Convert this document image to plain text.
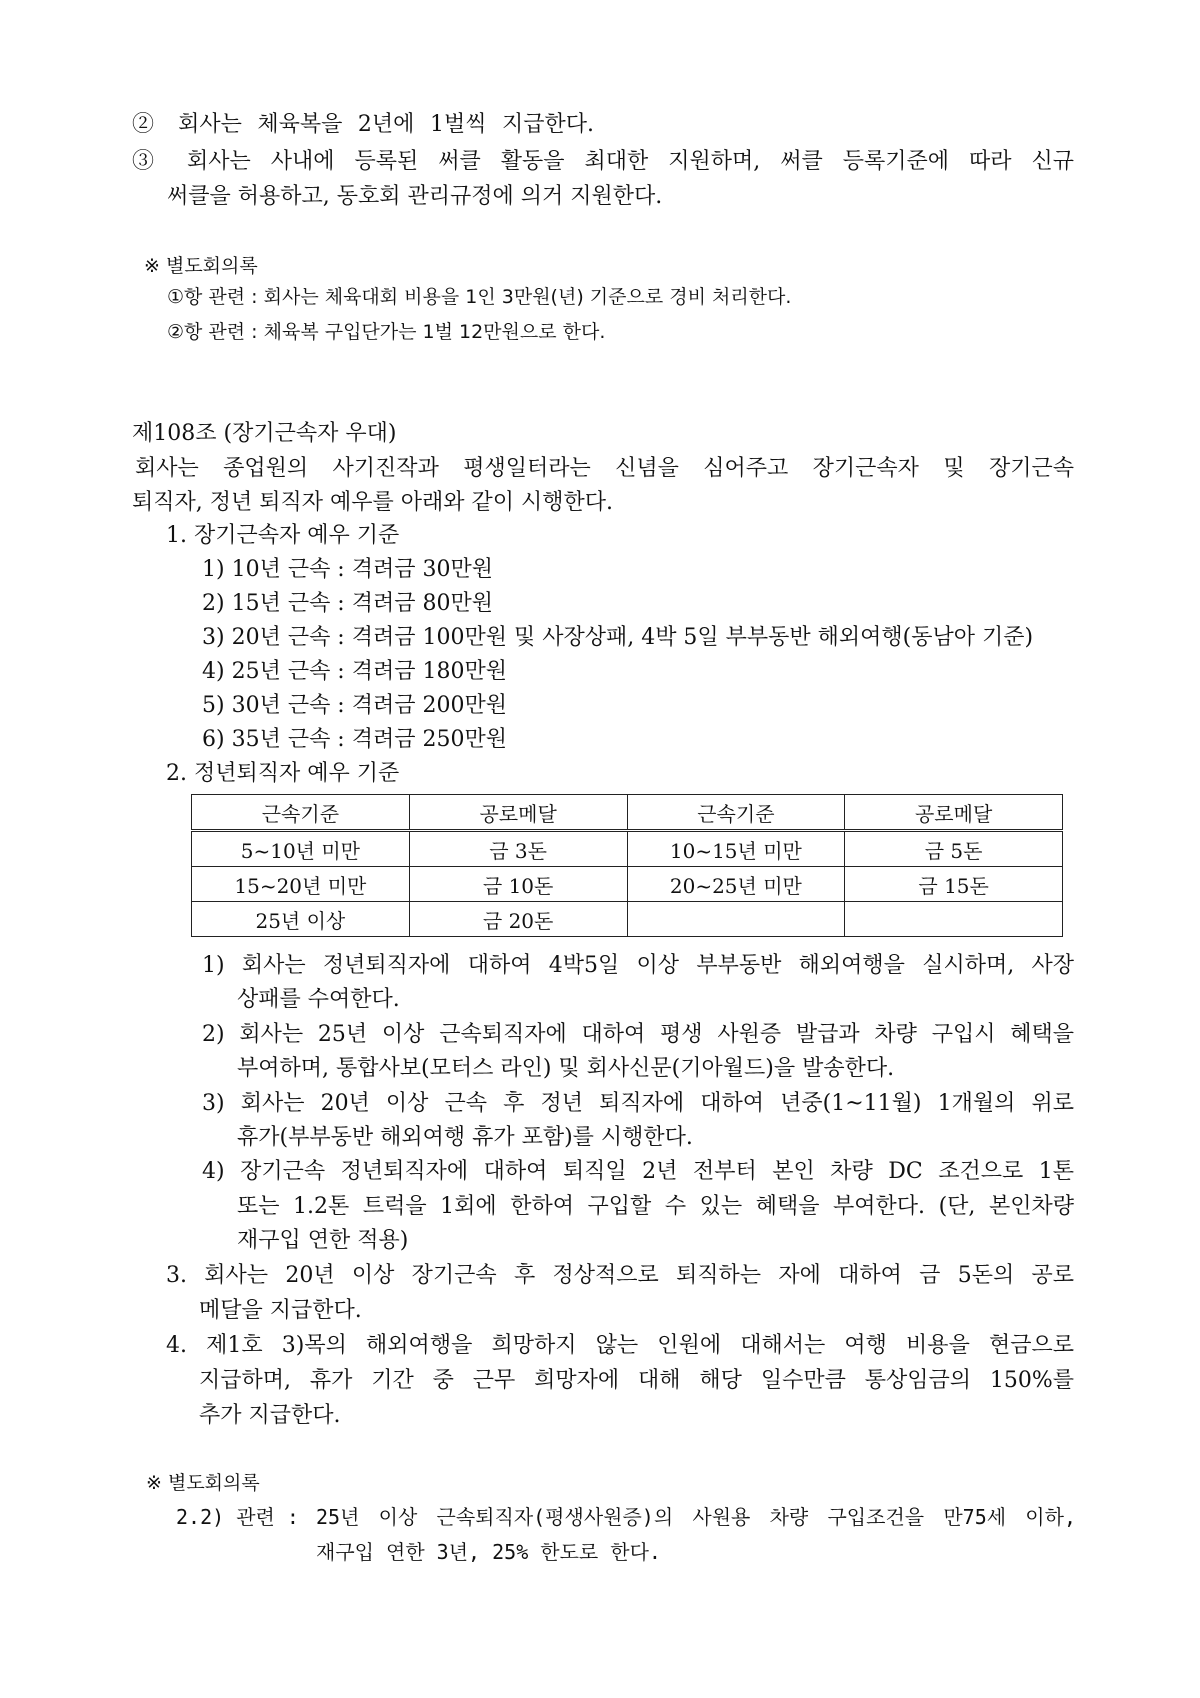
② 회사는 체육복을 2년에 1벌씩 지급한다.
③ 회사는 사내에 등록된 써클 활동을 최대한 지원하며, 써클 등록기준에 따라 신규
써클을 허용하고, 동호회 관리규정에 의거 지원한다.
※ 별도회의록
①항 관련 : 회사는 체육대회 비용을 1인 3만원(년) 기준으로 경비 처리한다.
②항 관련 : 체육복 구입단가는 1벌 12만원으로 한다.
제108조 (장기근속자 우대)
회사는 종업원의 사기진작과 평생일터라는 신념을 심어주고 장기근속자 및 장기근속
퇴직자, 정년 퇴직자 예우를 아래와 같이 시행한다.
1. 장기근속자 예우 기준
1) 10년 근속 : 격려금 30만원
2) 15년 근속 : 격려금 80만원
3) 20년 근속 : 격려금 100만원 및 사장상패, 4박 5일 부부동반 해외여행(동남아 기준)
4) 25년 근속 : 격려금 180만원
5) 30년 근속 : 격려금 200만원
6) 35년 근속 : 격려금 250만원
2. 정년퇴직자 예우 기준
근속기준	공로메달	근속기준	공로메달
5~10년 미만	금 3돈	10~15년 미만	금 5돈
15~20년 미만	금 10돈	20~25년 미만	금 15돈
25년 이상	금 20돈		
1) 회사는 정년퇴직자에 대하여 4박5일 이상 부부동반 해외여행을 실시하며, 사장
상패를 수여한다.
2) 회사는 25년 이상 근속퇴직자에 대하여 평생 사원증 발급과 차량 구입시 혜택을
부여하며, 통합사보(모터스 라인) 및 회사신문(기아월드)을 발송한다.
3) 회사는 20년 이상 근속 후 정년 퇴직자에 대하여 년중(1~11월) 1개월의 위로
휴가(부부동반 해외여행 휴가 포함)를 시행한다.
4) 장기근속 정년퇴직자에 대하여 퇴직일 2년 전부터 본인 차량 DC 조건으로 1톤
또는 1.2톤 트럭을 1회에 한하여 구입할 수 있는 혜택을 부여한다. (단, 본인차량
재구입 연한 적용)
3. 회사는 20년 이상 장기근속 후 정상적으로 퇴직하는 자에 대하여 금 5돈의 공로
메달을 지급한다.
4. 제1호 3)목의 해외여행을 희망하지 않는 인원에 대해서는 여행 비용을 현금으로
지급하며, 휴가 기간 중 근무 희망자에 대해 해당 일수만큼 통상임금의 150%를
추가 지급한다.
※ 별도회의록
2.2) 관련 : 25년 이상 근속퇴직자(평생사원증)의 사원용 차량 구입조건을 만75세 이하,
재구입 연한 3년, 25% 한도로 한다.
